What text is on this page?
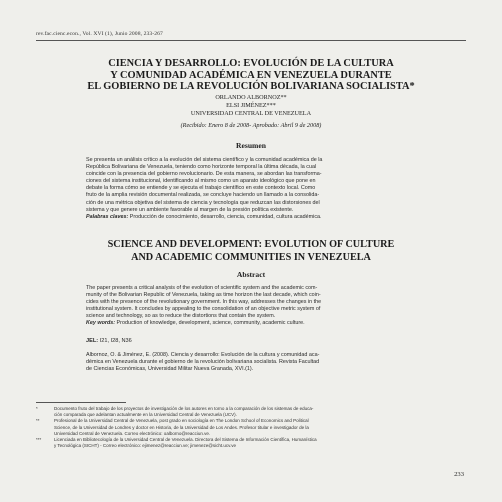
rev.fac.cienc.econ., Vol. XVI (1), Junio 2008, 233-267
CIENCIA Y DESARROLLO: EVOLUCIÓN DE LA CULTURA
Y COMUNIDAD ACADÉMICA EN VENEZUELA DURANTE
EL GOBIERNO DE LA REVOLUCIÓN BOLIVARIANA SOCIALISTA*
ORLANDO ALBORNOZ**
ELSI JIMÉNEZ***
UNIVERSIDAD CENTRAL DE VENEZUELA
(Recibido: Enero 8 de 2008- Aprobado: Abril 9 de 2008)
Resumen
Se presenta un análisis crítico a la evolución del sistema científico y la comunidad académica de la
República Bolivariana de Venezuela, teniendo como horizonte temporal la última década, la cual
coincide con la presencia del gobierno revolucionario. De esta manera, se abordan las transforma-
ciones del sistema institucional, identificando al mismo como un aparato ideológico que pone en
debate la forma cómo se entiende y se ejecuta el trabajo científico en este contexto local. Como
fruto de la amplia revisión documental realizada, se concluye haciendo un llamado a la consolida-
ción de una métrica objetiva del sistema de ciencia y tecnología que reduzcan las distorsiones del
sistema y que genere un ambiente favorable al margen de la presión política existente.
Palabras claves: Producción de conocimiento, desarrollo, ciencia, comunidad, cultura académica.
SCIENCE AND DEVELOPMENT: EVOLUTION OF CULTURE
AND ACADEMIC COMMUNITIES IN VENEZUELA
Abstract
The paper presents a critical analysis of the evolution of scientific system and the academic com-
munity of the Bolivarian Republic of Venezuela, taking as time horizon the last decade, which coin-
cides with the presence of the revolutionary government. In this way, addresses the changes in the
institutional system. It concludes by appealing to the consolidation of an objective metric system of
science and technology, so as to reduce the distortions that contain the system.
Key words: Production of knowledge, development, science, community, academic culture.
JEL: I21, I28, N36
Albornoz, O. & Jiménez, E. (2008). Ciencia y desarrollo: Evolución de la cultura y comunidad aca-
démica en Venezuela durante el gobierno de la revolución bolivariana socialista. Revista Facultad
de Ciencias Económicas, Universidad Militar Nueva Granada, XVI.(1).
*	Documento fruto del trabajo de los proyectos de investigación de los autores en torno a la comparación de los sistemas de educa-
ción comparada que adelantan actualmente en la Universidad Central de Venezuela (UCV).
**	Profesional de la Universidad Central de Venezuela, post grado en sociología en The London School of Economics and Political
Science, de la Universidad de Londres y doctor en Historia, de la Universidad de Los Andes. Profesor titular e investigador de la
Universidad Central de Venezuela. Correo electrónico: oalborno@reacciun.ve.
***	Licenciada en Bibliotecología de la Universidad Central de Venezuela. Directora del Sistema de Información Científica, Humanística
y Tecnológica (SICHT) - Correo electrónico: ejimenez@reacciun.ve; jimeneze@sicht.ucv.ve
233
